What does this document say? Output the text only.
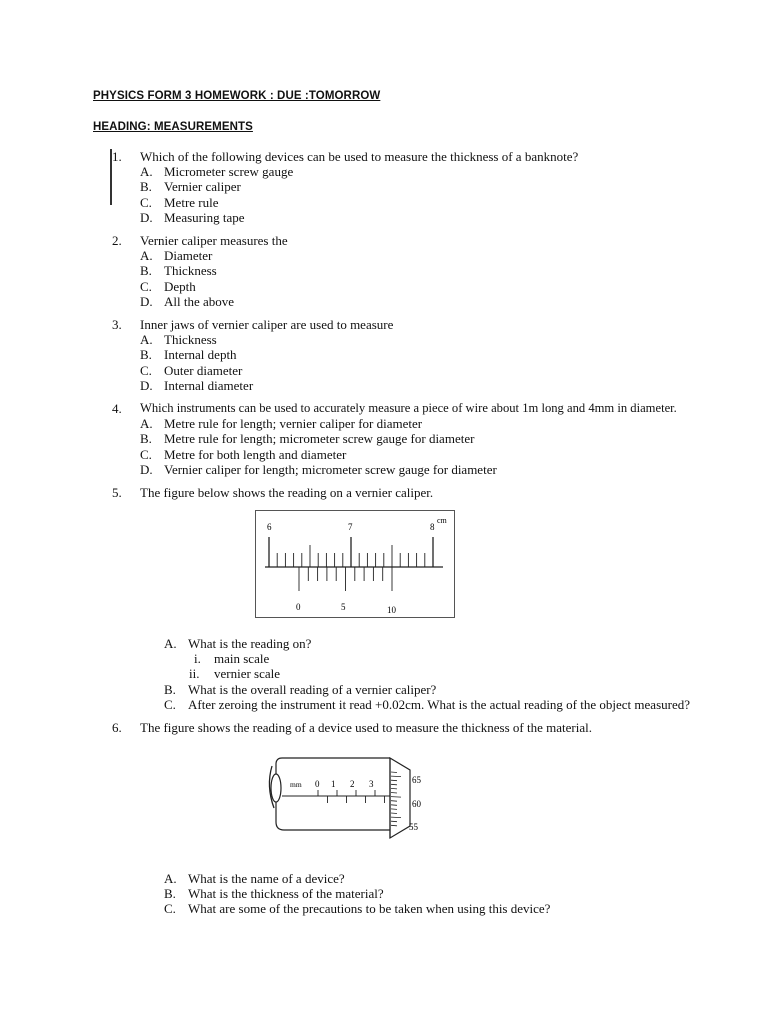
PHYSICS FORM 3 HOMEWORK : DUE :TOMORROW
HEADING: MEASUREMENTS
1.	Which of the following devices can be used to measure the thickness of a banknote?
A. Micrometer screw gauge
B. Vernier caliper
C. Metre rule
D. Measuring tape
2.	Vernier caliper measures the
A. Diameter
B. Thickness
C. Depth
D. All the above
3.	Inner jaws of vernier caliper are used to measure
A. Thickness
B. Internal depth
C. Outer diameter
D. Internal diameter
4.	Which instruments can be used to accurately measure a piece of wire about 1m long and 4mm in diameter.
A. Metre rule for length; vernier caliper for diameter
B. Metre rule for length; micrometer screw gauge for diameter
C. Metre for both length and diameter
D. Vernier caliper for length; micrometer screw gauge for diameter
5.	The figure below shows the reading on a vernier caliper.
6	7	8
cm
0	5	10
A. What is the reading on?
i. main scale
ii. vernier scale
B. What is the overall reading of a vernier caliper?
C. After zeroing the instrument it read +0.02cm. What is the actual reading of the object measured?
6.	The figure shows the reading of a device used to measure the thickness of the material.
mm 0 1 2 3	65
60
55
A. What is the name of a device?
B. What is the thickness of the material?
C. What are some of the precautions to be taken when using this device?
